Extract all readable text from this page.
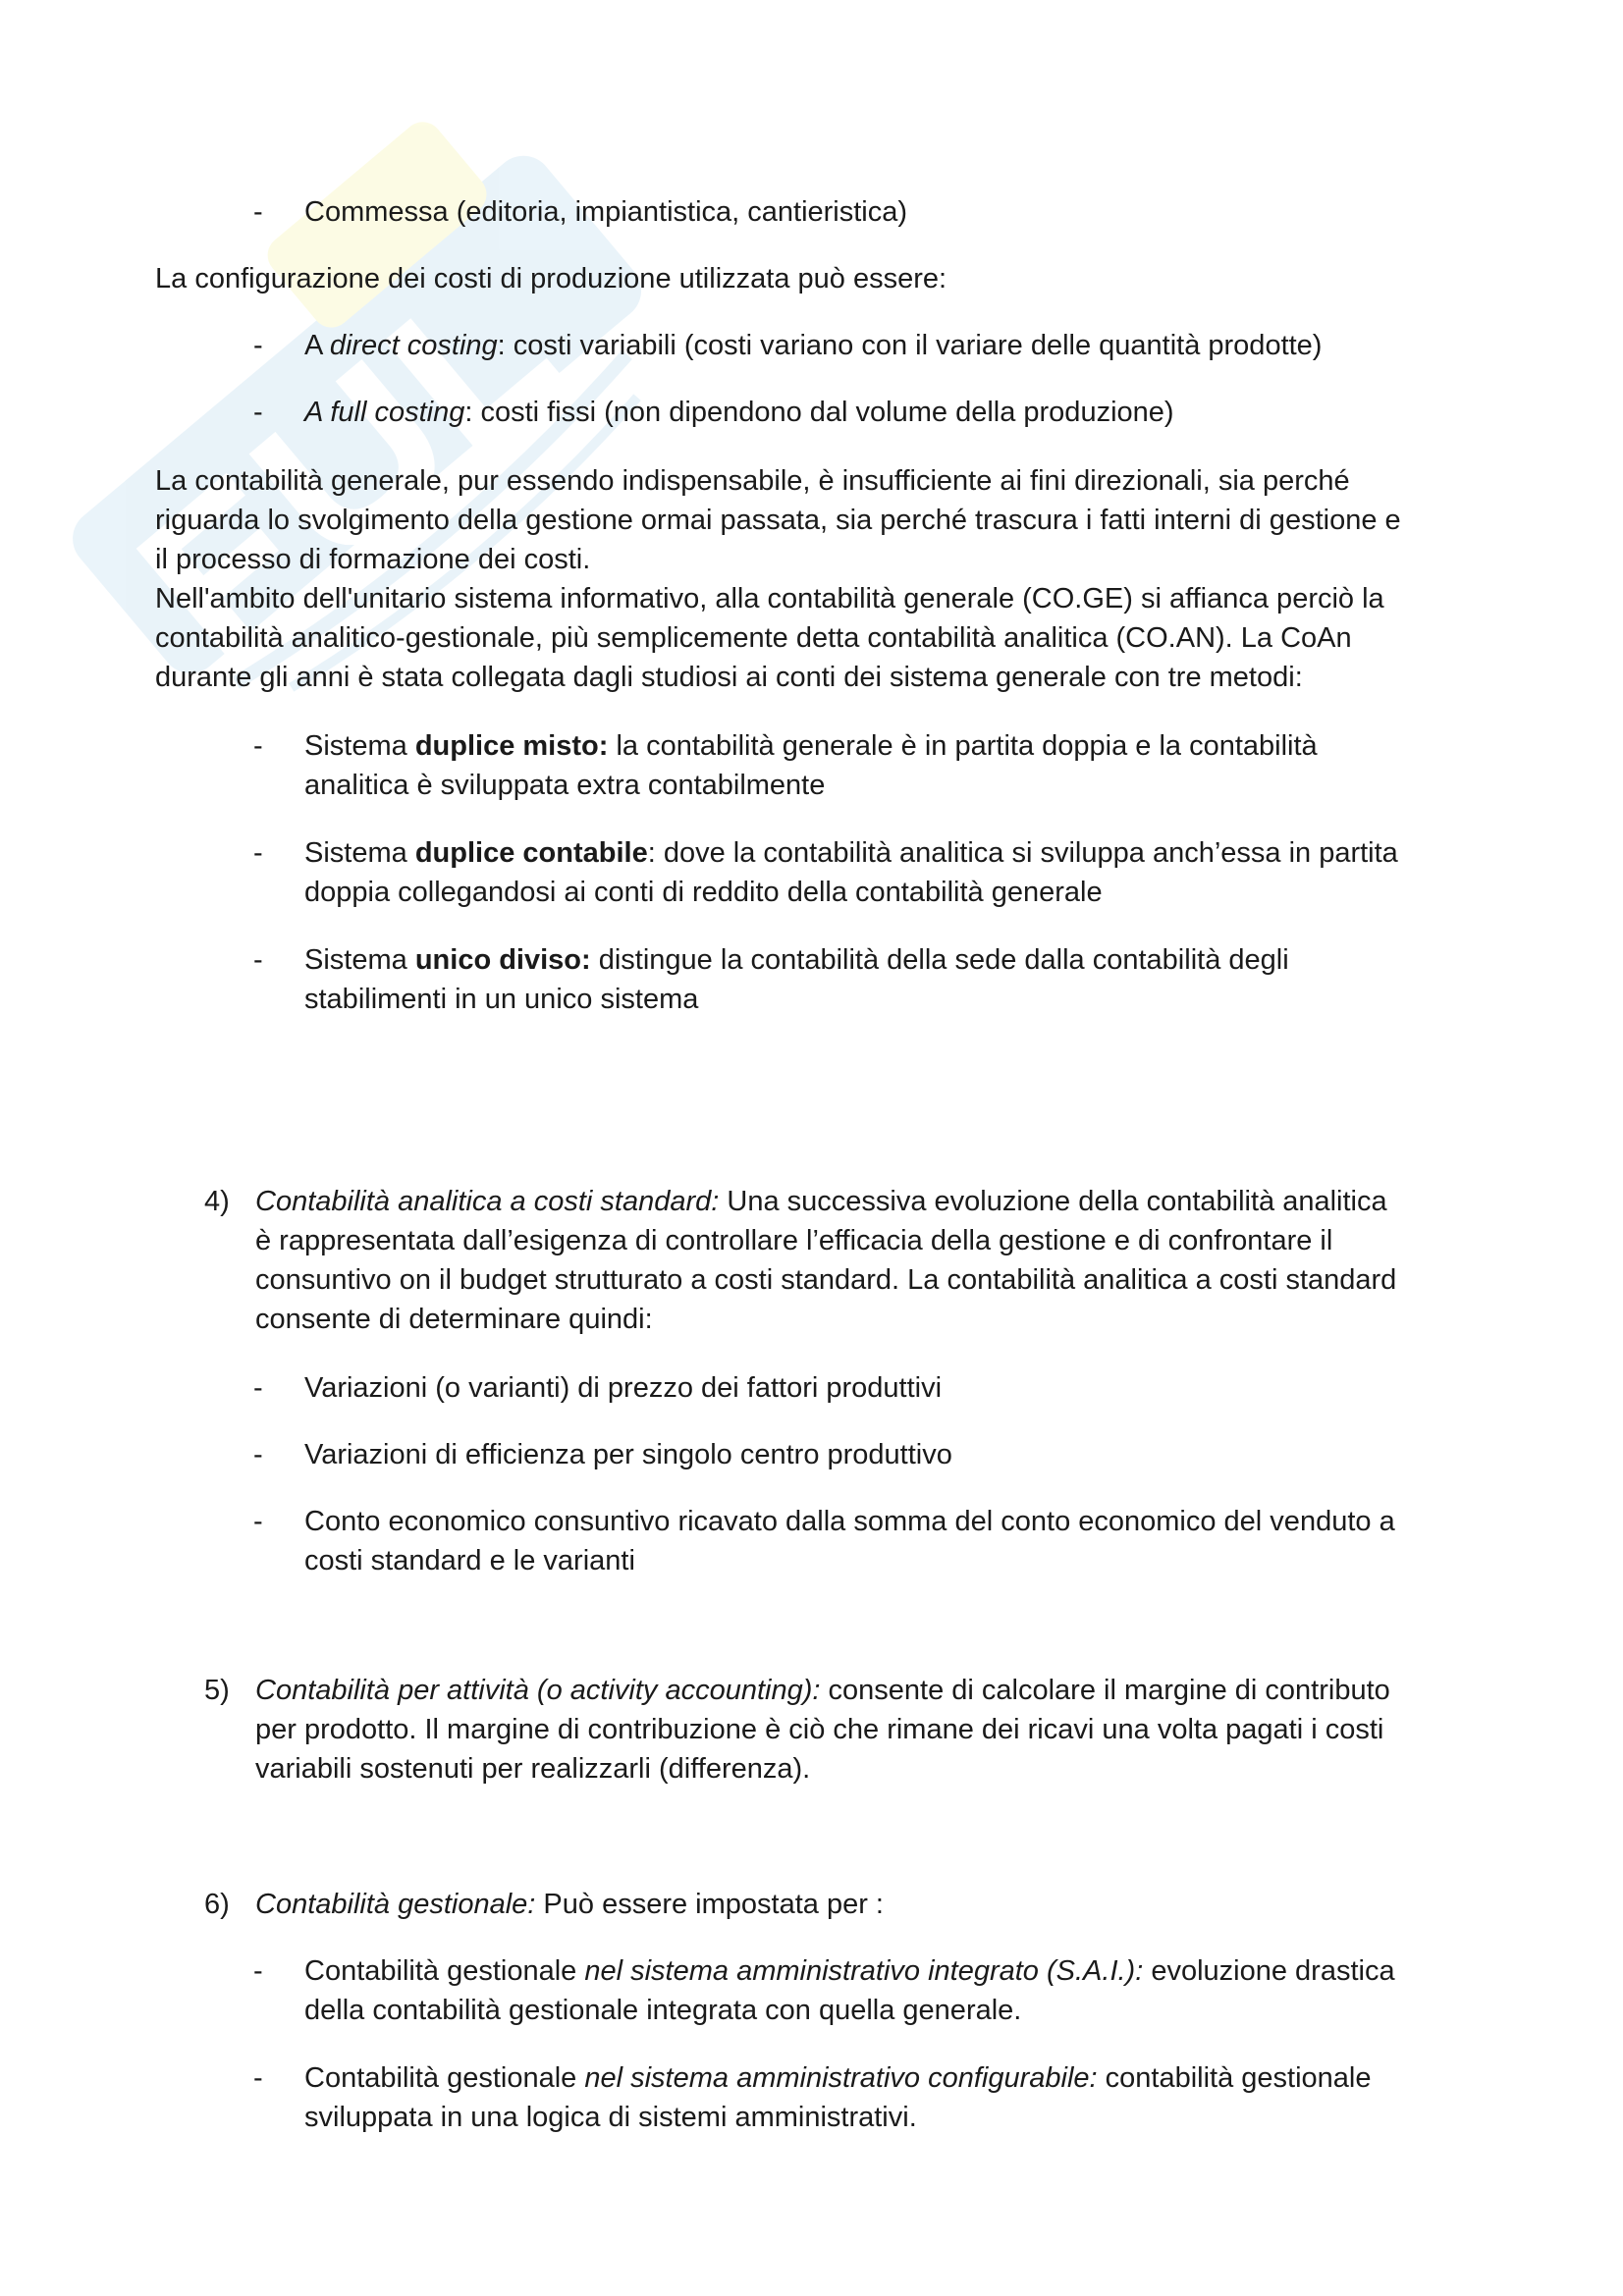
- Commessa (editoria, impiantistica, cantieristica)

La configurazione dei costi di produzione utilizzata può essere:

- A direct costing: costi variabili (costi variano con il variare delle quantità prodotte)
- A full costing: costi fissi (non dipendono dal volume della produzione)
La contabilità generale, pur essendo indispensabile, è insufficiente ai fini direzionali, sia perché
riguarda lo svolgimento della gestione ormai passata, sia perché trascura i fatti interni di gestione e
il processo di formazione dei costi.
Nell'ambito dell'unitario sistema informativo, alla contabilità generale (CO.GE) si affianca perciò la
contabilità analitico-gestionale, più semplicemente detta contabilità analitica (CO.AN). La CoAn
durante gli anni è stata collegata dagli studiosi ai conti dei sistema generale con tre metodi:
- Sistema duplice misto: la contabilità generale è in partita doppia e la contabilità
analitica è sviluppata extra contabilmente
- Sistema duplice contabile: dove la contabilità analitica si sviluppa anch’essa in partita
doppia collegandosi ai conti di reddito della contabilità generale
- Sistema unico diviso: distingue la contabilità della sede dalla contabilità degli
stabilimenti in un unico sistema
4) Contabilità analitica a costi standard: Una successiva evoluzione della contabilità analitica
è rappresentata dall’esigenza di controllare l’efficacia della gestione e di confrontare il
consuntivo on il budget strutturato a costi standard. La contabilità analitica a costi standard
consente di determinare quindi:
- Variazioni (o varianti) di prezzo dei fattori produttivi
- Variazioni di efficienza per singolo centro produttivo
- Conto economico consuntivo ricavato dalla somma del conto economico del venduto a
costi standard e le varianti
5) Contabilità per attività (o activity accounting): consente di calcolare il margine di contributo
per prodotto. Il margine di contribuzione è ciò che rimane dei ricavi una volta pagati i costi
variabili sostenuti per realizzarli (differenza).
6) Contabilità gestionale: Può essere impostata per :
- Contabilità gestionale nel sistema amministrativo integrato (S.A.I.): evoluzione drastica
della contabilità gestionale integrata con quella generale.
- Contabilità gestionale nel sistema amministrativo configurabile: contabilità gestionale
sviluppata in una logica di sistemi amministrativi.
